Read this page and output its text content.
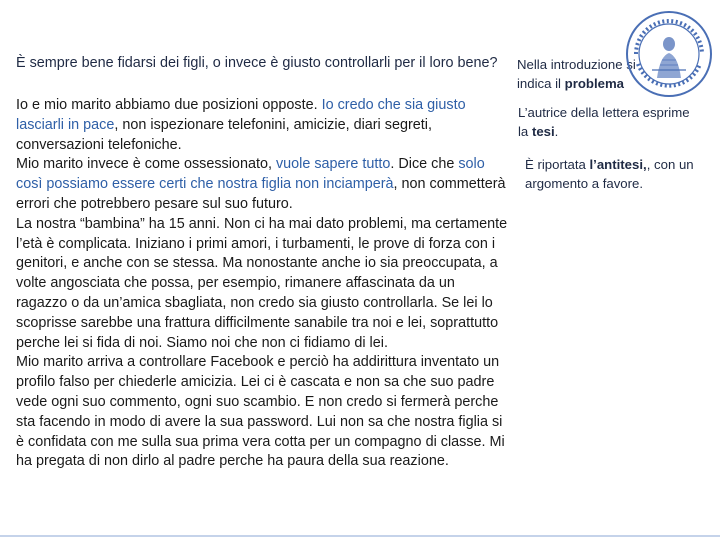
È sempre bene fidarsi dei figli, o invece è giusto controllarli per il loro bene?

Io e mio marito abbiamo due posizioni opposte. Io credo che sia giusto lasciarli in pace, non ispezionare telefonini, amicizie, diari segreti, conversazioni telefoniche.

Mio marito invece è come ossessionato, vuole sapere tutto. Dice che solo così possiamo essere certi che nostra figlia non inciamperà, non commetterà errori che potrebbero pesare sul suo futuro.

La nostra “bambina” ha 15 anni. Non ci ha mai dato problemi, ma certamente l’età è complicata. Iniziano i primi amori, i turbamenti, le prove di forza con i genitori, e anche con se stessa. Ma nonostante anche io sia preoccupata, a volte angosciata che possa, per esempio, rimanere affascinata da un ragazzo o da un’amica sbagliata, non credo sia giusto controllarla. Se lei lo scoprisse sarebbe una frattura difficilmente sanabile tra noi e lei, soprattutto perche lei si fida di noi. Siamo noi che non ci fidiamo di lei.

Mio marito arriva a controllare Facebook e perciò ha addirittura inventato un profilo falso per chiederle amicizia. Lei ci è cascata e non sa che suo padre vede ogni suo commento, ogni suo scambio. E non credo si fermerà perche sta facendo in modo di avere la sua password. Lui non sa che nostra figlia si è confidata con me sulla sua prima vera cotta per un compagno di classe. Mi ha pregata di non dirlo al padre perche ha paura della sua reazione.

Nella introduzione si indica il problema
L’autrice della lettera esprime la tesi.
È riportata l’antitesi,, con un argomento a favore.
